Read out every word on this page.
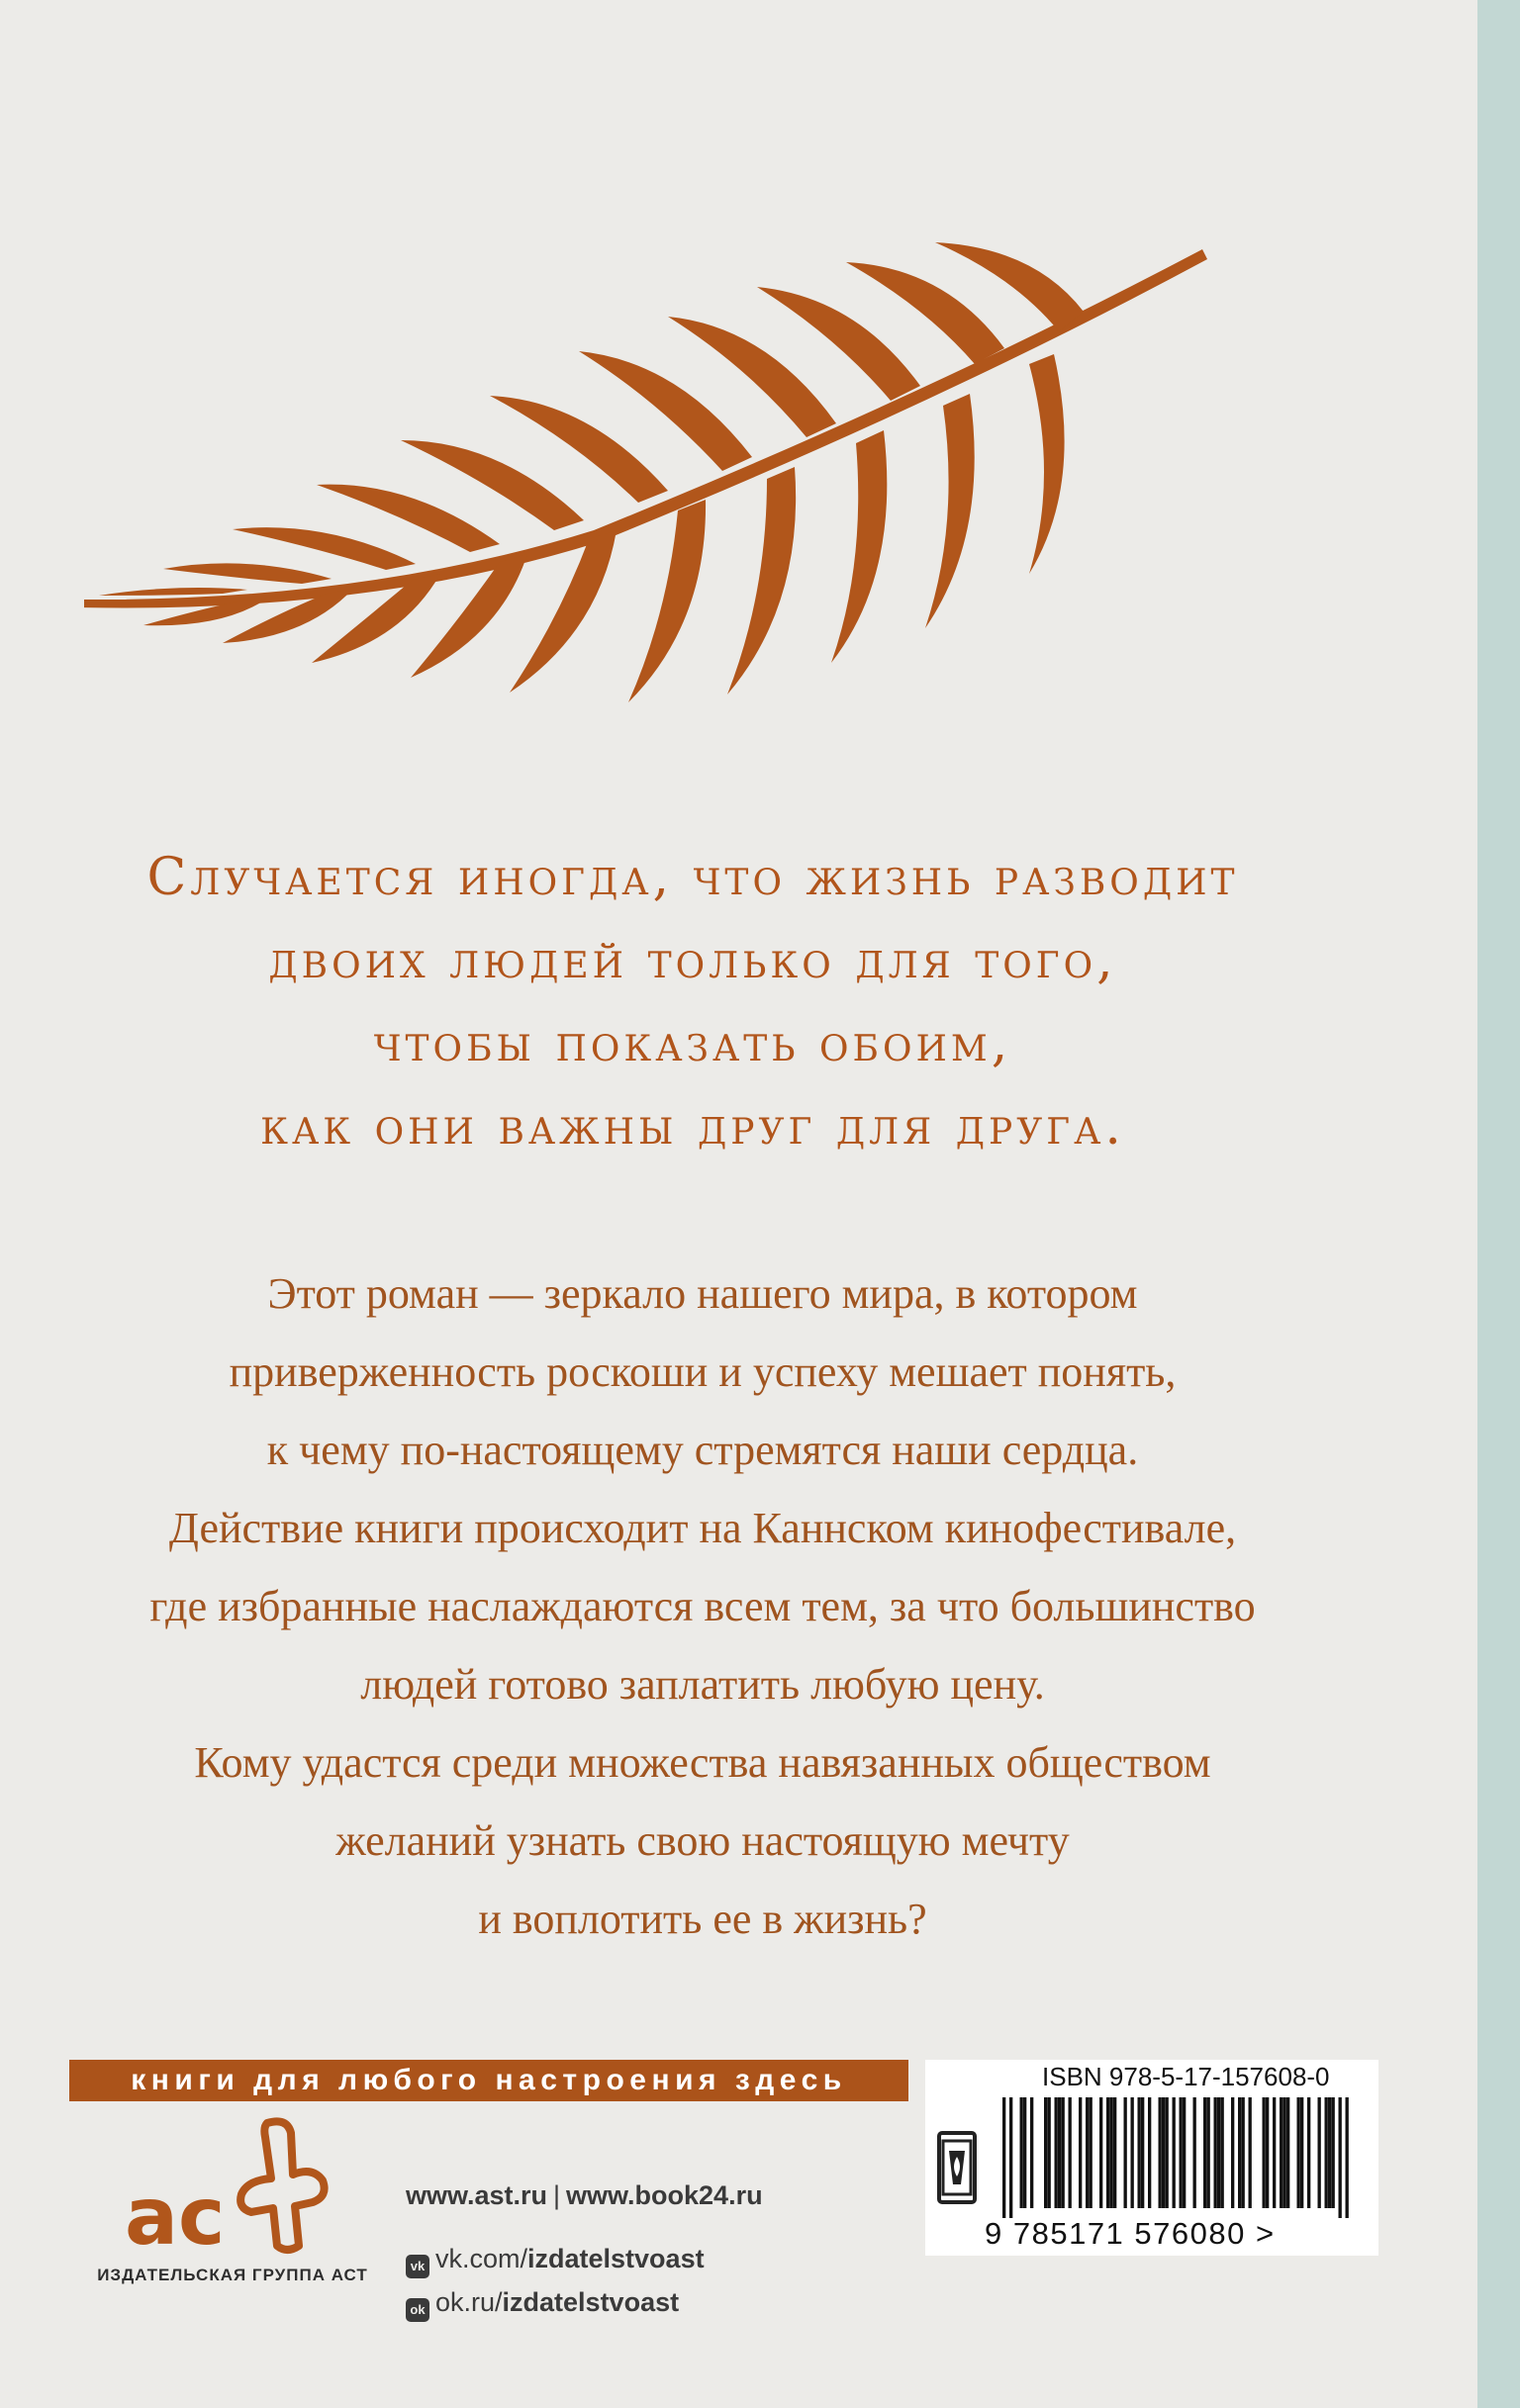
Случается иногда, что жизнь разводит
двоих людей только для того,
чтобы показать обоим,
как они важны друг для друга.
Этот роман — зеркало нашего мира, в котором
приверженность роскоши и успеху мешает понять,
к чему по-настоящему стремятся наши сердца.
Действие книги происходит на Каннском кинофестивале,
где избранные наслаждаются всем тем, за что большинство
людей готово заплатить любую цену.
Кому удастся среди множества навязанных обществом
желаний узнать свою настоящую мечту
и воплотить ее в жизнь?
книги для любого настроения здесь
ac
ИЗДАТЕЛЬСКАЯ ГРУППА АСТ
www.ast.ru | www.book24.ru
vk vk.com/izdatelstvoast
ok ok.ru/izdatelstvoast
ISBN 978-5-17-157608-0
9 785171 576080 >
